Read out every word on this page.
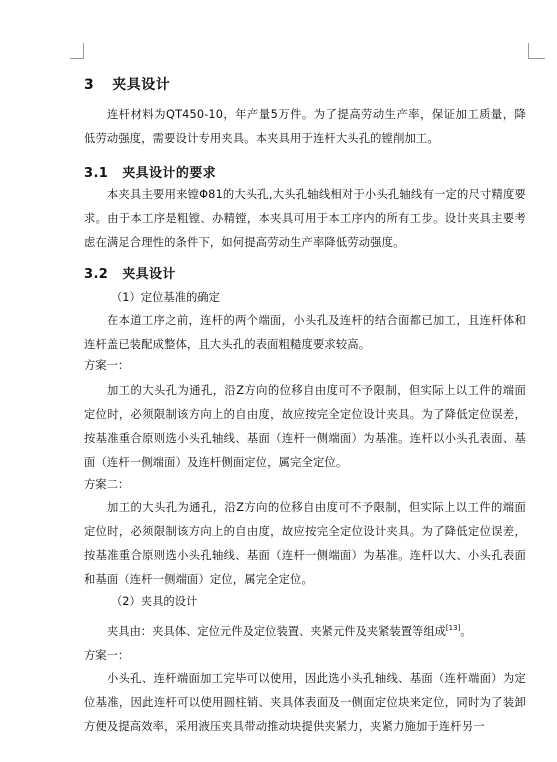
3 夹具设计

连杆材料为QT450-10，年产量5万件。为了提高劳动生产率，保证加工质量，降低劳动强度，需要设计专用夹具。本夹具用于连杆大头孔的镗削加工。

3.1 夹具设计的要求

本夹具主要用来镗Φ81的大头孔,大头孔轴线相对于小头孔轴线有一定的尺寸精度要求。由于本工序是粗镗、办精镗，本夹具可用于本工序内的所有工步。设计夹具主要考虑在满足合理性的条件下，如何提高劳动生产率降低劳动强度。

3.2 夹具设计
（1）定位基准的确定

在本道工序之前，连杆的两个端面，小头孔及连杆的结合面都已加工，且连杆体和连杆盖已装配成整体，且大头孔的表面粗糙度要求较高。

方案一：

加工的大头孔为通孔，沿Z方向的位移自由度可不予限制，但实际上以工件的端面定位时，必须限制该方向上的自由度，故应按完全定位设计夹具。为了降低定位误差，按基准重合原则选小头孔轴线、基面（连杆一侧端面）为基准。连杆以小头孔表面、基面（连杆一侧端面）及连杆侧面定位，属完全定位。

方案二：

加工的大头孔为通孔，沿Z方向的位移自由度可不予限制，但实际上以工件的端面定位时，必须限制该方向上的自由度，故应按完全定位设计夹具。为了降低定位误差，按基准重合原则选小头孔轴线、基面（连杆一侧端面）为基准。连杆以大、小头孔表面和基面（连杆一侧端面）定位，属完全定位。

（2）夹具的设计
夹具由：夹具体、定位元件及定位装置、夹紧元件及夹紧装置等组成[13]。
方案一：

小头孔、连杆端面加工完毕可以使用，因此选小头孔轴线、基面（连杆端面）为定位基准，因此连杆可以使用圆柱销、夹具体表面及一侧面定位块来定位，同时为了装卸方便及提高效率，采用液压夹具带动推动块提供夹紧力，夹紧力施加于连杆另一
